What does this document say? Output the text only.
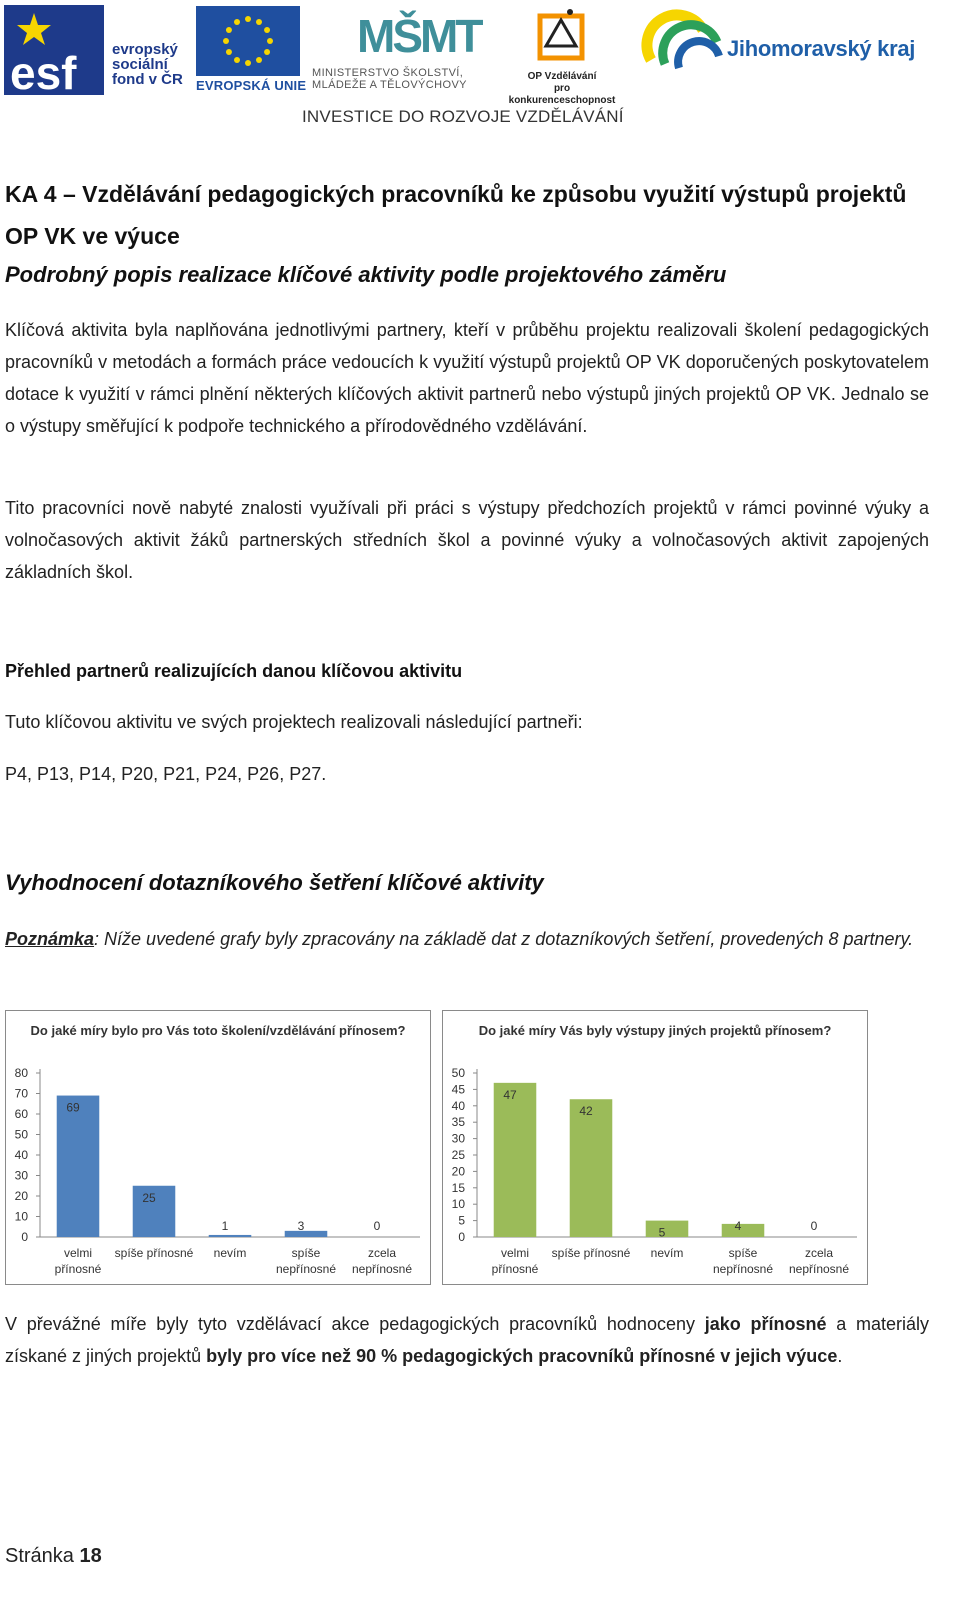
esf evropský
sociální
fond v ČR EVROPSKÁ UNIE
MŠMT
MINISTERSTVO ŠKOLSTVÍ,
MLÁDEŽE A TĚLOVÝCHOVY
OP Vzdělávání
pro konkurenceschopnost
Jihomoravský kraj
INVESTICE DO ROZVOJE VZDĚLÁVÁNÍ
KA 4 – Vzdělávání pedagogických pracovníků ke způsobu využití výstupů projektů OP VK ve výuce
Podrobný popis realizace klíčové aktivity podle projektového záměru
Klíčová aktivita byla naplňována jednotlivými partnery, kteří v průběhu projektu realizovali školení pedagogických pracovníků v metodách a formách práce vedoucích k využití výstupů projektů OP VK doporučených poskytovatelem dotace k využití v rámci plnění některých klíčových aktivit partnerů nebo výstupů jiných projektů OP VK. Jednalo se o výstupy směřující k podpoře technického a přírodovědného vzdělávání.
Tito pracovníci nově nabyté znalosti využívali při práci s výstupy předchozích projektů v rámci povinné výuky a volnočasových aktivit žáků partnerských středních škol a povinné výuky a volnočasových aktivit zapojených základních škol.
Přehled partnerů realizujících danou klíčovou aktivitu
Tuto klíčovou aktivitu ve svých projektech realizovali následující partneři:
P4, P13, P14, P20, P21, P24, P26, P27.
Vyhodnocení dotazníkového šetření klíčové aktivity
Poznámka: Níže uvedené grafy byly zpracovány na základě dat z dotazníkových šetření, provedených 8 partnery.
Do jaké míry bylo pro Vás toto školení/vzdělávání přínosem?
0
10
20
30
40
50
60
70
80
69
velmi
přínosné
25
spíše přínosné
1
nevím
3
spíše
nepřínosné
0
zcela
nepřínosné
Do jaké míry Vás byly výstupy jiných projektů přínosem?
0
5
10
15
20
25
30
35
40
45
50
47
velmi
přínosné
42
spíše přínosné
5
nevím
4
spíše
nepřínosné
0
zcela
nepřínosné
V převážné míře byly tyto vzdělávací akce pedagogických pracovníků hodnoceny jako přínosné a materiály získané z jiných projektů byly pro více než 90 % pedagogických pracovníků přínosné v jejich výuce.
Stránka 18
